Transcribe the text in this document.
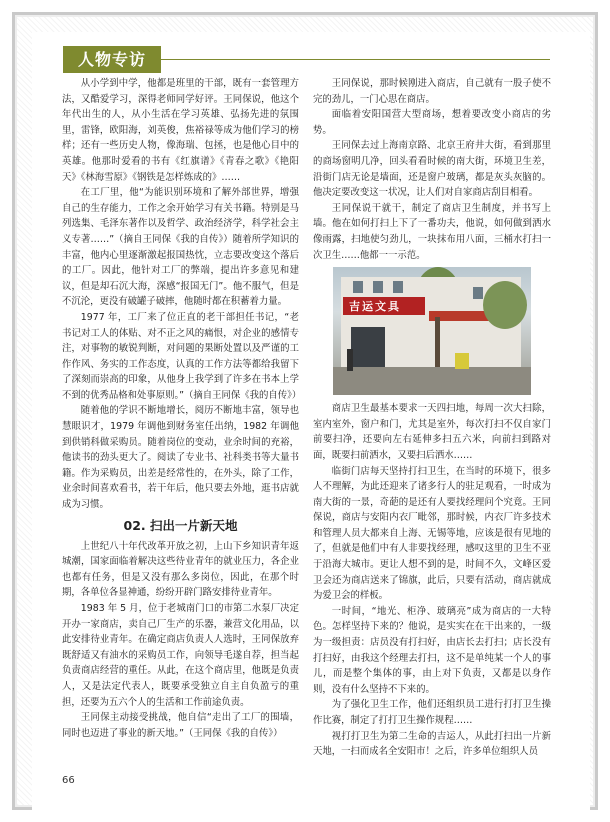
人物专访

从小学到中学，他都是班里的干部，既有一套管理方法，又酷爱学习，深得老师同学好评。王同保说，他这个年代出生的人，从小生活在学习英雄、弘扬先进的氛围里，雷锋，欧阳海，刘英俊，焦裕禄等成为他们学习的榜样；还有一些历史人物，像海瑞、包拯，也是他心目中的英雄。他那时爱看的书有《红旗谱》《青春之歌》《艳阳天》《林海雪原》《钢铁是怎样炼成的》……

在工厂里，他“为能识别环境和了解外部世界，增强自己的生存能力，工作之余开始学习有关书籍。特别是马列选集、毛泽东著作以及哲学、政治经济学，科学社会主义专著……”（摘自王同保《我的自传》）随着所学知识的丰富，他内心里逐渐激起报国热忱，立志要改变这个落后的工厂。因此，他针对工厂的弊端，提出许多意见和建议，但是却石沉大海，深感“报国无门”。他不服气，但是不沉沦，更没有破罐子破摔，他随时都在积蓄着力量。

1977 年，工厂来了位正直的老干部担任书记，“老书记对工人的体贴、对不正之风的痛恨，对企业的感情专注，对事物的敏锐判断，对问题的果断处置以及严谨的工作作风、务实的工作态度，认真的工作方法等都给我留下了深刻而崇高的印象，从他身上我学到了许多在书本上学不到的优秀品格和处事原则。”（摘自王同保《我的自传》）

随着他的学识不断地增长，阅历不断地丰富，领导也慧眼识才，1979 年调他到财务室任出纳，1982 年调他到供销科做采购员。随着岗位的变动，业余时间的充裕，他读书的劲头更大了。阅读了专业书、社科类书等大量书籍。作为采购员，出差是经常性的，在外头，除了工作，业余时间喜欢看书，若干年后，他只要去外地，逛书店就成为习惯。

02. 扫出一片新天地

上世纪八十年代改革开放之初，上山下乡知识青年返城潮，国家面临着解决这些待业青年的就业压力，各企业也都有任务，但是又没有那么多岗位，因此，在那个时期，各单位各显神通，纷纷开辟门路安排待业青年。

1983 年 5 月，位于老城南门口的市第二水泵厂决定开办一家商店，卖自己厂生产的乐器，兼营文化用品，以此安排待业青年。在确定商店负责人人选时，王同保放弃既舒适又有油水的采购员工作，向领导毛遂自荐，担当起负责商店经营的重任。从此，在这个商店里，他既是负责人，又是法定代表人，既要承受独立自主自负盈亏的重担，还要为五六个人的生活和工作前途负责。

王同保主动接受挑战，他自信“走出了工厂的围墙，同时也迈进了事业的新天地。”（王同保《我的自传》）

王同保说，那时候刚进入商店，自己就有一股子使不完的劲儿，一门心思在商店。

面临着安阳国营大型商场，想着要改变小商店的劣势。

王同保去过上海南京路、北京王府井大街，看到那里的商场窗明几净，回头看看时候的南大街，环境卫生差，沿街门店无论是墙面，还是窗户玻璃，都是灰头灰脑的。他决定要改变这一状况，让人们对自家商店刮目相看。

王同保说干就干，制定了商店卫生制度，并书写上墙。他在如何打扫上下了一番功夫，他说，如何做到洒水像雨露，扫地使匀劲儿，一块抹布用八面，三桶水打扫一次卫生……他都一一示范。

吉运文具

商店卫生最基本要求一天四扫地，每周一次大扫除，室内室外，窗户和门，尤其是室外，每次打扫不仅自家门前要扫净，还要向左右延伸多扫五六米，向前扫到路对面，既要扫前洒水，又要扫后洒水……

临街门店每天坚持打扫卫生，在当时的环境下，很多人不理解，为此还迎来了诸多行人的驻足观看，一时成为南大街的一景，奇葩的是还有人要找经理问个究竟。王同保说，商店与安阳内衣厂毗邻，那时候，内衣厂许多技术和管理人员大都来自上海、无锡等地，应该是很有见地的了，但就是他们中有人非要找经理，感叹这里的卫生不亚于沿海大城市。更让人想不到的是，时间不久，文峰区爱卫会还为商店送来了锦旗，此后，只要有活动，商店就成为爱卫会的样板。

一时间，“地光、柜净、玻璃亮”成为商店的一大特色。怎样坚持下来的？他说，是实实在在干出来的，一级为一级担责：店员没有打扫好，由店长去打扫；店长没有打扫好，由我这个经理去打扫，这不是单纯某一个人的事儿，而是整个集体的事，由上对下负责，又都是以身作则，没有什么坚持不下来的。

为了强化卫生工作，他们还组织员工进行打打卫生操作比赛，制定了打打卫生操作规程……

视打打卫生为第二生命的吉运人，从此打扫出一片新天地，一扫而成名全安阳市！之后，许多单位组织人员

66
